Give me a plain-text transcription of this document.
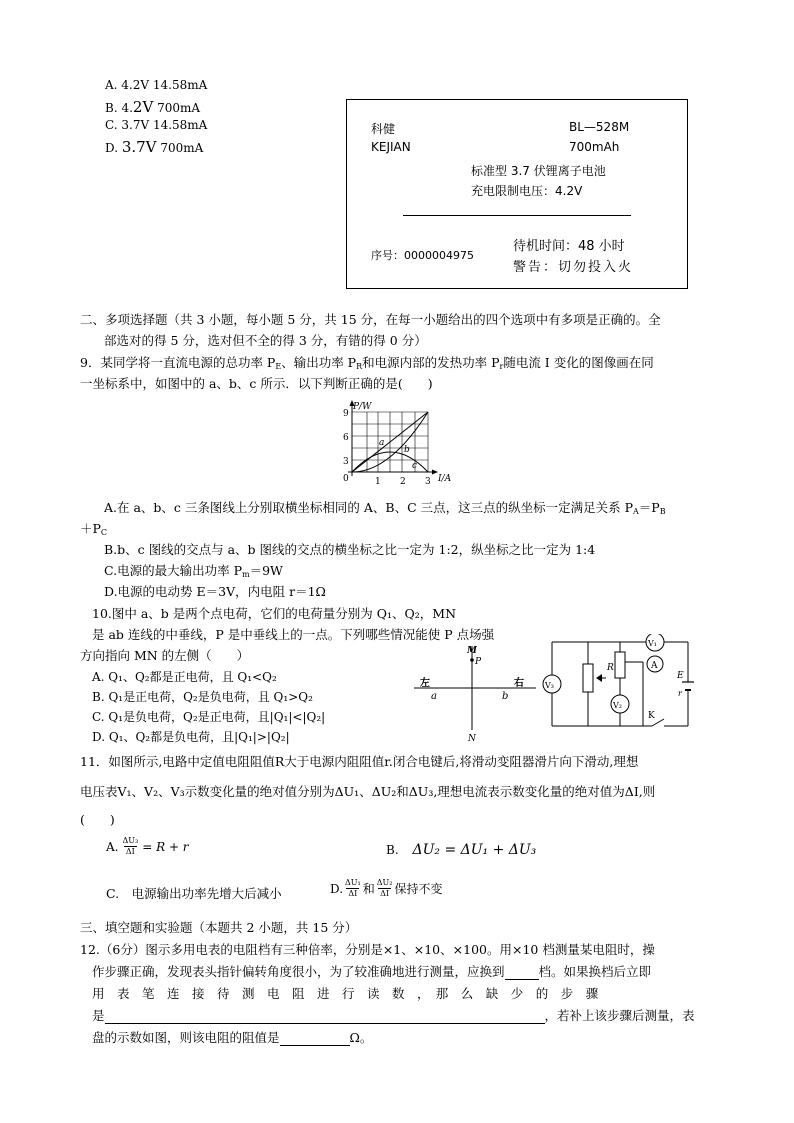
A. 4.2V 14.58mA
B. 4.2V 700mA
C. 3.7V 14.58mA
D. 3.7V 700mA
科健	BL—528M
KEJIAN	700mAh
标准型 3.7 伏锂离子电池
充电限制电压：4.2V
序号：0000004975
待机时间：48 小时
警告：切勿投入火
二、多项选择题（共 3 小题，每小题 5 分，共 15 分，在每一小题给出的四个选项中有多项是正确的。全
部选对的得 5 分，选对但不全的得 3 分，有错的得 0 分）
9．某同学将一直流电源的总功率 $P_E$、输出功率 $P_R$和电源内部的发热功率 $P_r$随电流 I 变化的图像画在同
一坐标系中，如图中的 a、b、c 所示．以下判断正确的是(　　)
P/W
I/A
9
6
3
0	1 2 3
a
b
c
A.在 a、b、c 三条图线上分别取横坐标相同的 A、B、C 三点，这三点的纵坐标一定满足关系 $P_A=P_B$
$+P_C$
B.b、c 图线的交点与 a、b 图线的交点的横坐标之比一定为 1:2，纵坐标之比一定为 1:4
C.电源的最大输出功率 $P_m=9W$
D.电源的电动势 E＝3V，内电阻 r＝1Ω
10.图中 a、b 是两个点电荷，它们的电荷量分别为 Q₁、Q₂，MN
是 ab 连线的中垂线，P 是中垂线上的一点。下列哪些情况能使 P 点场强
方向指向 MN 的左侧（　　）
A. Q₁、Q₂都是正电荷，且 Q₁<Q₂
B. Q₁是正电荷，Q₂是负电荷，且 Q₁>Q₂
C. Q₁是负电荷，Q₂是正电荷，且|Q₁|<|Q₂|
D. Q₁、Q₂都是负电荷，且|Q₁|>|Q₂|
M
P
N
左	右
a	b
V₃
V₂
V₁
A
R
E
r
K
11．如图所示,电路中定值电阻阻值R大于电源内阻阻值r.闭合电键后,将滑动变阻器滑片向下滑动,理想
电压表V₁、V₂、V₃示数变化量的绝对值分别为ΔU₁、ΔU₂和ΔU₃,理想电流表示数变化量的绝对值为ΔI,则
(　　)
A. $\frac{\text{ΔU₃}}{\Delta I} = R + r$	B. ΔU₂ = ΔU₁ + ΔU₃
C.　电源输出功率先增大后减小	D. ΔU₁
ΔI 和 ΔU₂
ΔI 保持不变
三、填空题和实验题（本题共 2 小题，共 15 分）
12.（6分）图示多用电表的电阻档有三种倍率，分别是×1、×10、×100。用×10 档测量某电阻时，操
作步骤正确，发现表头指针偏转角度很小，为了较准确地进行测量，应换到	档。如果换档后立即
用　表　笔　连　接　待　测　电　阻　进　行　读　数　，　那　么　缺　少　的　步　骤
是	，若补上该步骤后测量，表
盘的示数如图，则该电阻的阻值是	Ω。
